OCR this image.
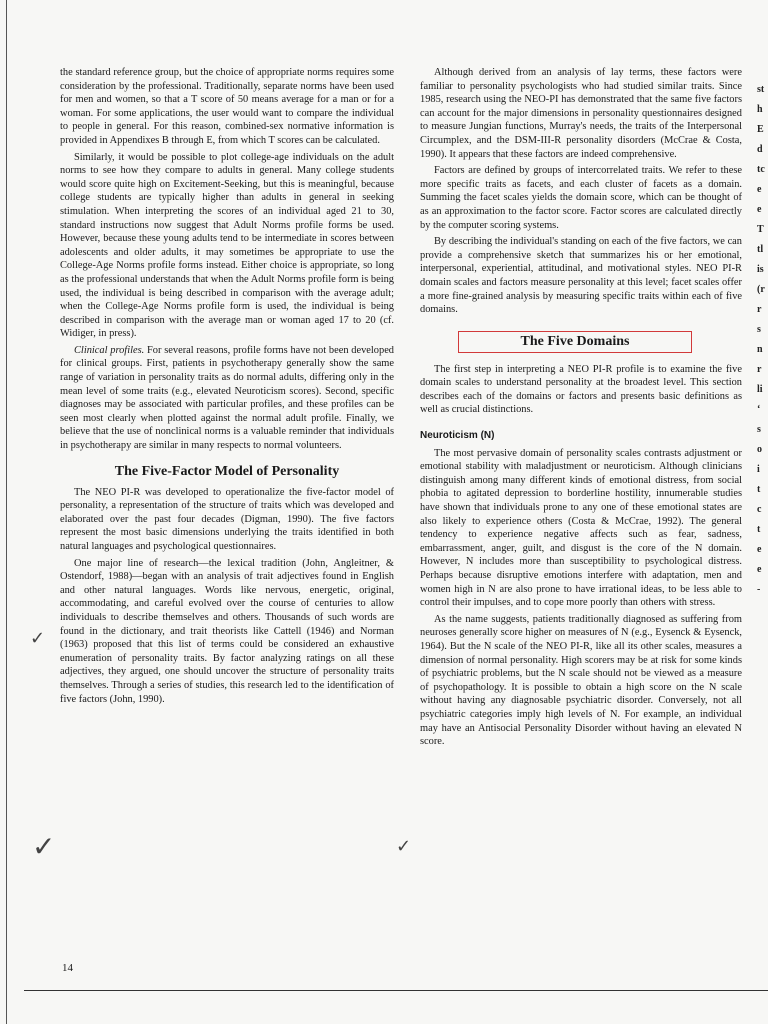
the standard reference group, but the choice of appropriate norms requires some consideration by the professional. Traditionally, separate norms have been used for men and women, so that a T score of 50 means average for a man or for a woman. For some applications, the user would want to compare the individual to people in general. For this reason, combined-sex normative information is provided in Appendixes B through E, from which T scores can be calculated.

Similarly, it would be possible to plot college-age individuals on the adult norms to see how they compare to adults in general. Many college students would score quite high on Excitement-Seeking, but this is meaningful, because college students are typically higher than adults in general in seeking stimulation. When interpreting the scores of an individual aged 21 to 30, standard instructions now suggest that Adult Norms profile forms be used. However, because these young adults tend to be intermediate in scores between adolescents and older adults, it may sometimes be appropriate to use the College-Age Norms profile forms instead. Either choice is appropriate, so long as the professional understands that when the Adult Norms profile form is being used, the individual is being described in comparison with the average adult; when the College-Age Norms profile form is used, the individual is being described in comparison with the average man or woman aged 17 to 20 (cf. Widiger, in press).

Clinical profiles. For several reasons, profile forms have not been developed for clinical groups. First, patients in psychotherapy generally show the same range of variation in personality traits as do normal adults, differing only in the mean level of some traits (e.g., elevated Neuroticism scores). Second, specific diagnoses may be associated with particular profiles, and these profiles can be seen most clearly when plotted against the normal adult profile. Finally, we believe that the use of nonclinical norms is a valuable reminder that individuals in psychotherapy are similar in many respects to normal volunteers.

The Five-Factor Model of Personality

The NEO PI-R was developed to operationalize the five-factor model of personality, a representation of the structure of traits which was developed and elaborated over the past four decades (Digman, 1990). The five factors represent the most basic dimensions underlying the traits identified in both natural languages and psychological questionnaires.

One major line of research—the lexical tradition (John, Angleitner, & Ostendorf, 1988)—began with an analysis of trait adjectives found in English and other natural languages. Words like nervous, energetic, original, accommodating, and careful evolved over the course of centuries to allow individuals to describe themselves and others. Thousands of such words are found in the dictionary, and trait theorists like Cattell (1946) and Norman (1963) proposed that this list of terms could be considered an exhaustive enumeration of personality traits. By factor analyzing ratings on all these adjectives, they argued, one should uncover the structure of personality traits themselves. Through a series of studies, this research led to the identification of five factors (John, 1990).

Although derived from an analysis of lay terms, these factors were familiar to personality psychologists who had studied similar traits. Since 1985, research using the NEO-PI has demonstrated that the same five factors can account for the major dimensions in personality questionnaires designed to measure Jungian functions, Murray's needs, the traits of the Interpersonal Circumplex, and the DSM-III-R personality disorders (McCrae & Costa, 1990). It appears that these factors are indeed comprehensive.

Factors are defined by groups of intercorrelated traits. We refer to these more specific traits as facets, and each cluster of facets as a domain. Summing the facet scales yields the domain score, which can be thought of as an approximation to the factor score. Factor scores are calculated directly by the computer scoring systems.

By describing the individual's standing on each of the five factors, we can provide a comprehensive sketch that summarizes his or her emotional, interpersonal, experiential, attitudinal, and motivational styles. NEO PI-R domain scales and factors measure personality at this level; facet scales offer a more fine-grained analysis by measuring specific traits within each of five domains.

The Five Domains

The first step in interpreting a NEO PI-R profile is to examine the five domain scales to understand personality at the broadest level. This section describes each of the domains or factors and presents basic definitions as well as crucial distinctions.

Neuroticism (N)

The most pervasive domain of personality scales contrasts adjustment or emotional stability with maladjustment or neuroticism. Although clinicians distinguish among many different kinds of emotional distress, from social phobia to agitated depression to borderline hostility, innumerable studies have shown that individuals prone to any one of these emotional states are also likely to experience others (Costa & McCrae, 1992). The general tendency to experience negative affects such as fear, sadness, embarrassment, anger, guilt, and disgust is the core of the N domain. However, N includes more than susceptibility to psychological distress. Perhaps because disruptive emotions interfere with adaptation, men and women high in N are also prone to have irrational ideas, to be less able to control their impulses, and to cope more poorly than others with stress.

As the name suggests, patients traditionally diagnosed as suffering from neuroses generally score higher on measures of N (e.g., Eysenck & Eysenck, 1964). But the N scale of the NEO PI-R, like all its other scales, measures a dimension of normal personality. High scorers may be at risk for some kinds of psychiatric problems, but the N scale should not be viewed as a measure of psychopathology. It is possible to obtain a high score on the N scale without having any diagnosable psychiatric disorder. Conversely, not all psychiatric categories imply high levels of N. For example, an individual may have an Antisocial Personality Disorder without having an elevated N score.

st
h
E
d
tc
e
e
T
tl
is
(r
r
s
n
r
li
‘
s
o
i
t
c
t
e
e
-
✓
✓	✓
14
